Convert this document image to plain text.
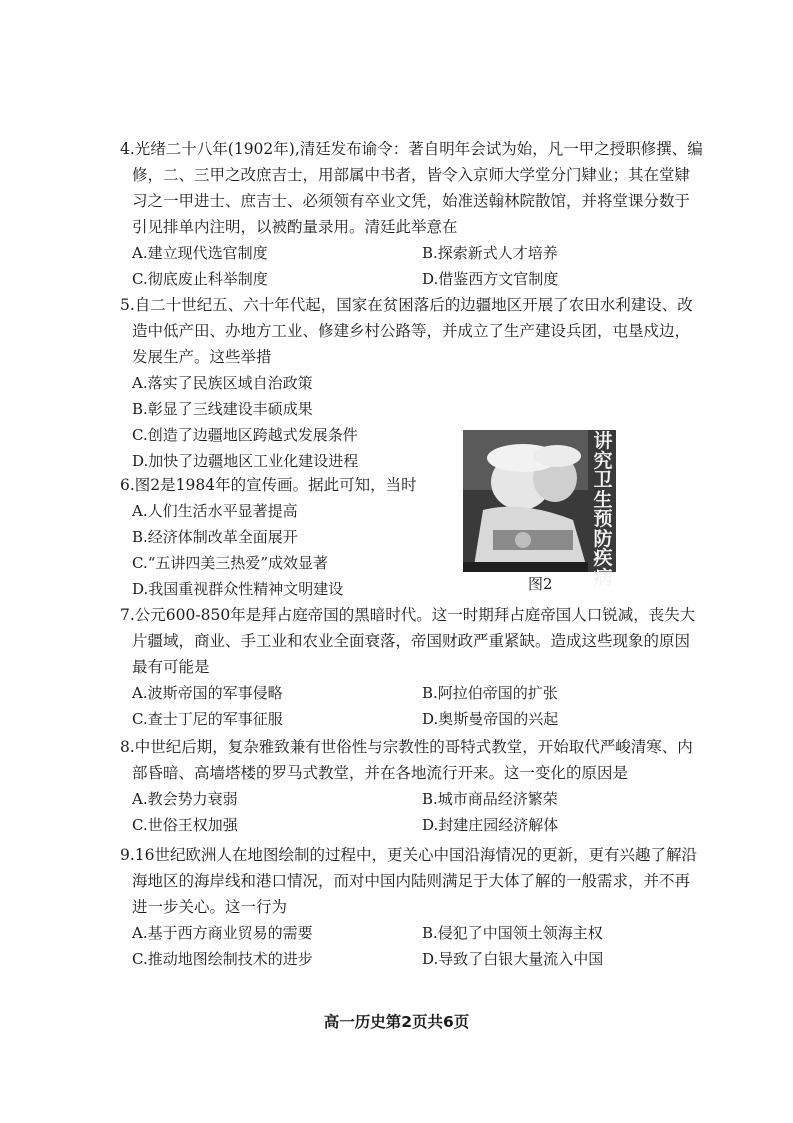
4.光绪二十八年(1902年),清廷发布谕令：著自明年会试为始，凡一甲之授职修撰、编修，二、三甲之改庶吉士，用部属中书者，皆令入京师大学堂分门肄业；其在堂肄习之一甲进士、庶吉士、必须领有卒业文凭，始准送翰林院散馆，并将堂课分数于引见排单内注明，以被酌量录用。清廷此举意在

A.建立现代选官制度	B.探索新式人才培养
C.彻底废止科举制度	D.借鉴西方文官制度

5.自二十世纪五、六十年代起，国家在贫困落后的边疆地区开展了农田水利建设、改造中低产田、办地方工业、修建乡村公路等，并成立了生产建设兵团，屯垦戍边，发展生产。这些举措

A.落实了民族区域自治政策
B.彰显了三线建设丰硕成果
C.创造了边疆地区跨越式发展条件
D.加快了边疆地区工业化建设进程

6.图2是1984年的宣传画。据此可知，当时

A.人们生活水平显著提高
B.经济体制改革全面展开
C.“五讲四美三热爱”成效显著
D.我国重视群众性精神文明建设
讲究卫生预防疾病
图2

7.公元600-850年是拜占庭帝国的黑暗时代。这一时期拜占庭帝国人口锐减，丧失大片疆域，商业、手工业和农业全面衰落，帝国财政严重紧缺。造成这些现象的原因最有可能是

A.波斯帝国的军事侵略	B.阿拉伯帝国的扩张
C.查士丁尼的军事征服	D.奥斯曼帝国的兴起

8.中世纪后期，复杂雅致兼有世俗性与宗教性的哥特式教堂，开始取代严峻清寒、内部昏暗、高墙塔楼的罗马式教堂，并在各地流行开来。这一变化的原因是

A.教会势力衰弱	B.城市商品经济繁荣
C.世俗王权加强	D.封建庄园经济解体

9.16世纪欧洲人在地图绘制的过程中，更关心中国沿海情况的更新，更有兴趣了解沿海地区的海岸线和港口情况，而对中国内陆则满足于大体了解的一般需求，并不再进一步关心。这一行为

A.基于西方商业贸易的需要	B.侵犯了中国领土领海主权
C.推动地图绘制技术的进步	D.导致了白银大量流入中国
高一历史第2页共6页
